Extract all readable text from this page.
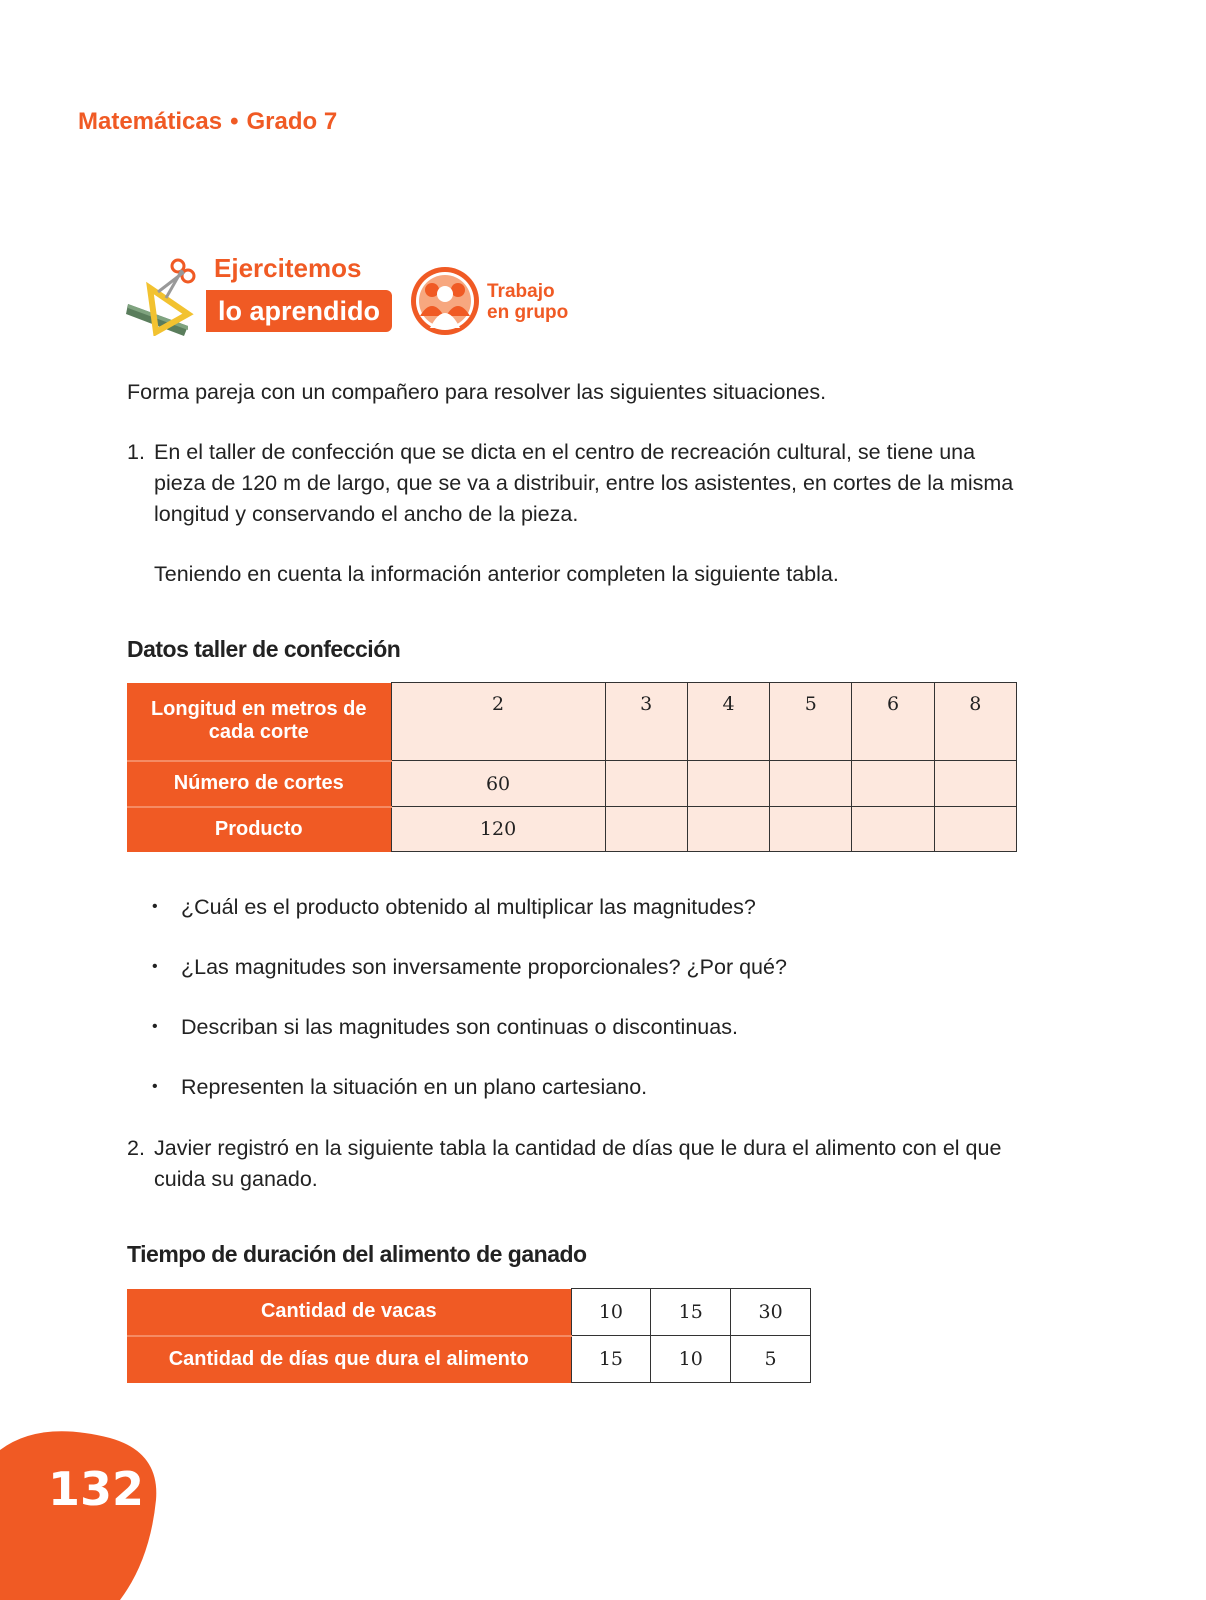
Matemáticas • Grado 7
Ejercitemos
lo aprendido
Trabajo
en grupo
Forma pareja con un compañero para resolver las siguientes situaciones.
1. En el taller de confección que se dicta en el centro de recreación cultural, se tiene una pieza de 120 m de largo, que se va a distribuir, entre los asistentes, en cortes de la misma longitud y conservando el ancho de la pieza.
Teniendo en cuenta la información anterior completen la siguiente tabla.
Datos taller de confección
Longitud en metros de cada corte	2	3	4	5	6	8
Número de cortes	60					
Producto	120					
• ¿Cuál es el producto obtenido al multiplicar las magnitudes?
• ¿Las magnitudes son inversamente proporcionales? ¿Por qué?
• Describan si las magnitudes son continuas o discontinuas.
• Representen la situación en un plano cartesiano.
2. Javier registró en la siguiente tabla la cantidad de días que le dura el alimento con el que cuida su ganado.
Tiempo de duración del alimento de ganado
Cantidad de vacas	10	15	30
Cantidad de días que dura el alimento	15	10	5
132
